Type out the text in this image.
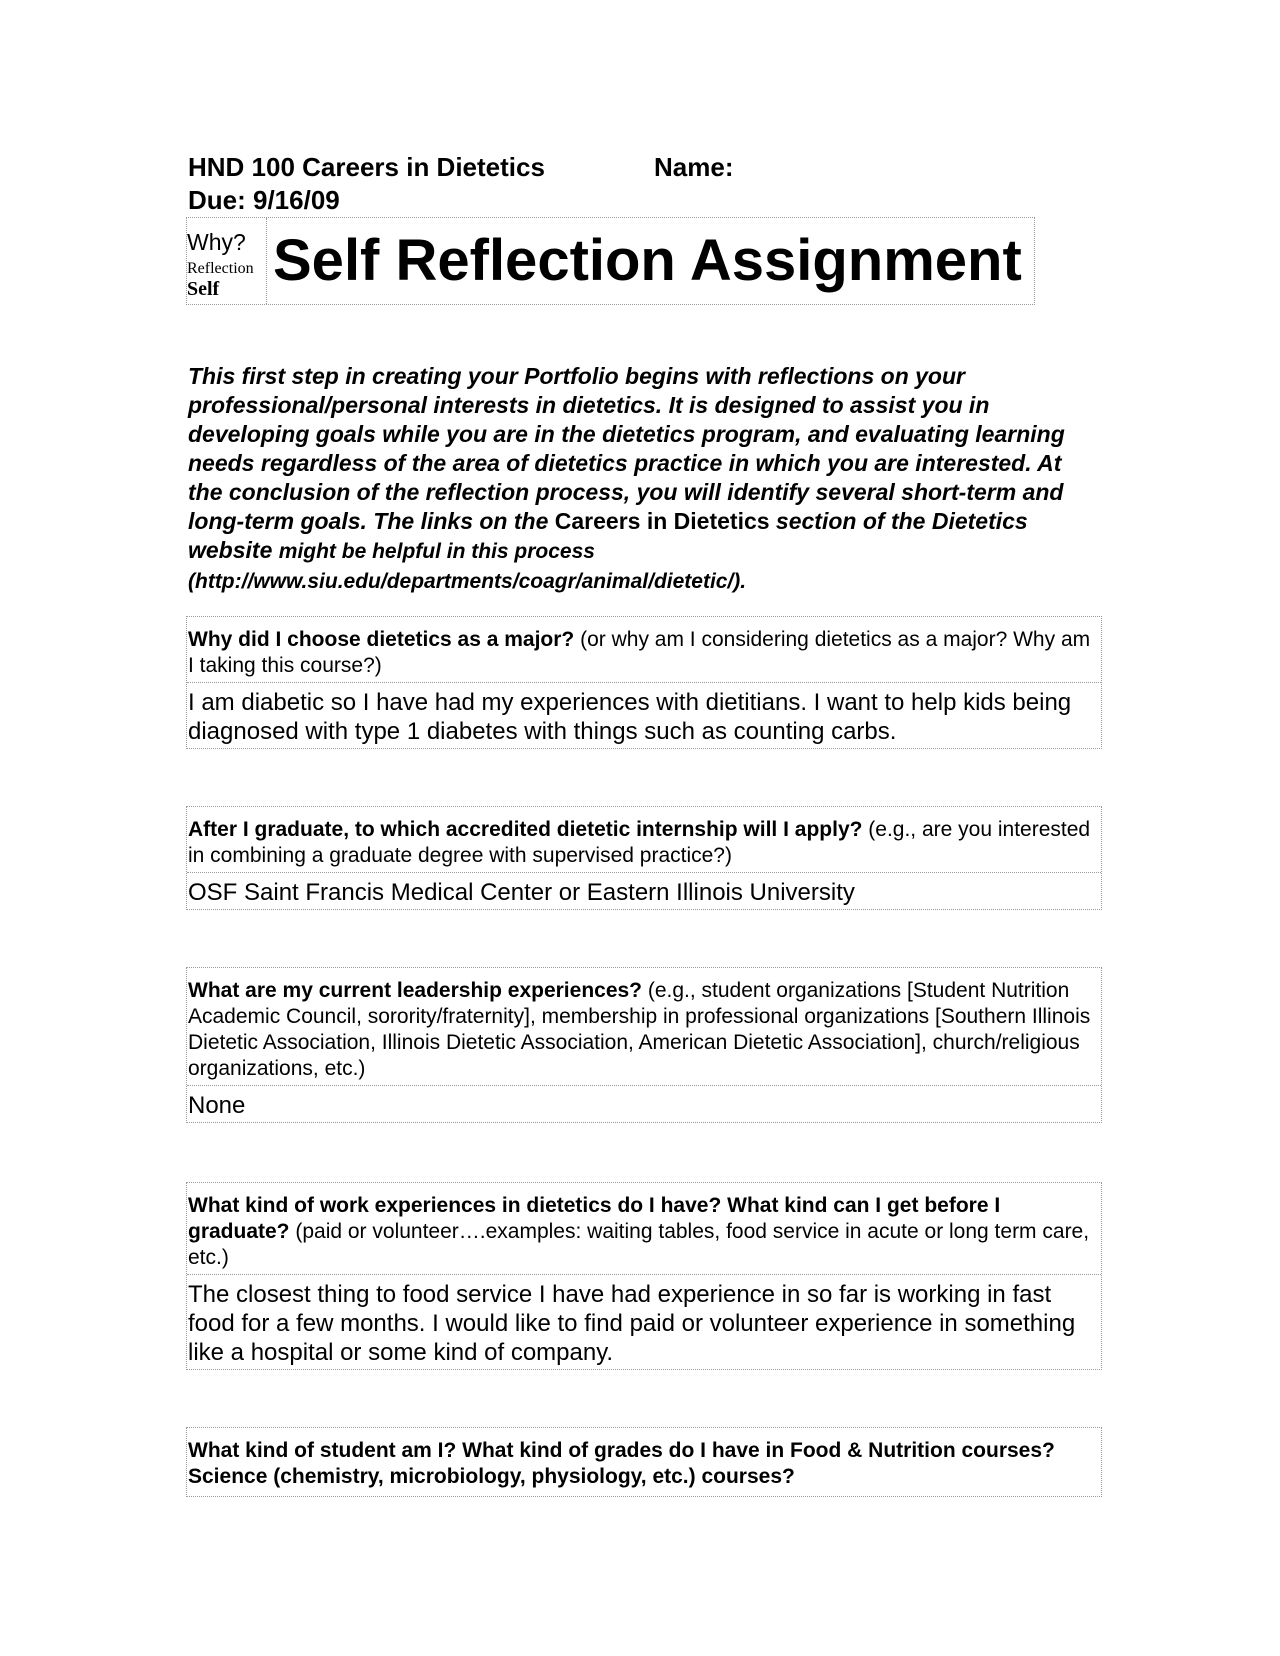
HND 100 Careers in Dietetics	Name:
Due: 9/16/09
Why?
Reflection
Self Self Reflection Assignment
This first step in creating your Portfolio begins with reflections on your professional/personal interests in dietetics. It is designed to assist you in developing goals while you are in the dietetics program, and evaluating learning needs regardless of the area of dietetics practice in which you are interested. At the conclusion of the reflection process, you will identify several short-term and long-term goals. The links on the Careers in Dietetics section of the Dietetics website might be helpful in this process (http://www.siu.edu/departments/coagr/animal/dietetic/).
Why did I choose dietetics as a major? (or why am I considering dietetics as a major? Why am I taking this course?)
I am diabetic so I have had my experiences with dietitians. I want to help kids being diagnosed with type 1 diabetes with things such as counting carbs.
After I graduate, to which accredited dietetic internship will I apply? (e.g., are you interested in combining a graduate degree with supervised practice?)
OSF Saint Francis Medical Center or Eastern Illinois University
What are my current leadership experiences? (e.g., student organizations [Student Nutrition Academic Council, sorority/fraternity], membership in professional organizations [Southern Illinois Dietetic Association, Illinois Dietetic Association, American Dietetic Association], church/religious organizations, etc.)
None
What kind of work experiences in dietetics do I have? What kind can I get before I graduate? (paid or volunteer….examples: waiting tables, food service in acute or long term care, etc.)
The closest thing to food service I have had experience in so far is working in fast food for a few months. I would like to find paid or volunteer experience in something like a hospital or some kind of company.
What kind of student am I? What kind of grades do I have in Food & Nutrition courses? Science (chemistry, microbiology, physiology, etc.) courses?
